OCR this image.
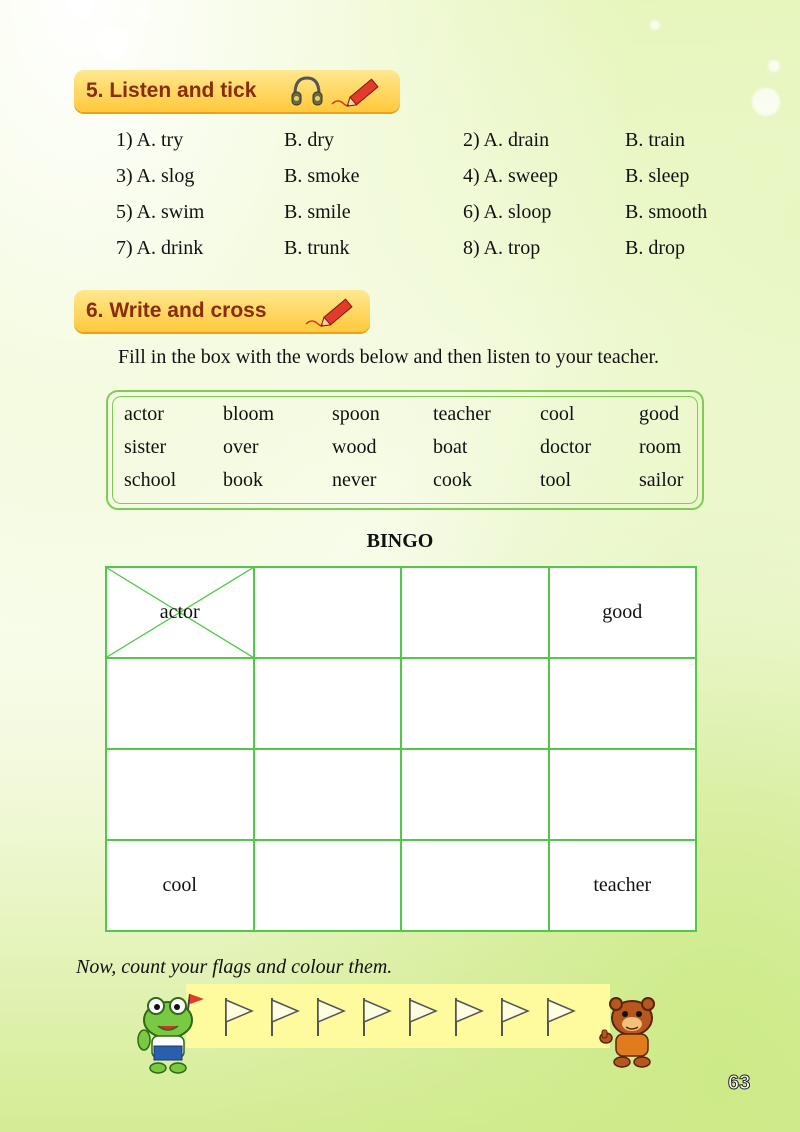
5. Listen and tick
1) A. try	B. dry	2) A. drain	B. train
3) A. slog	B. smoke	4) A. sweep	B. sleep
5) A. swim	B. smile	6) A. sloop	B. smooth
7) A. drink	B. trunk	8) A. trop	B. drop
6. Write and cross
Fill in the box with the words below and then listen to your teacher.
actor	bloom	spoon	teacher	cool	good
sister	over	wood	boat	doctor	room
school	book	never	cook	tool	sailor
BINGO
actor			good

cool			teacher
Now, count your flags and colour them.
63
